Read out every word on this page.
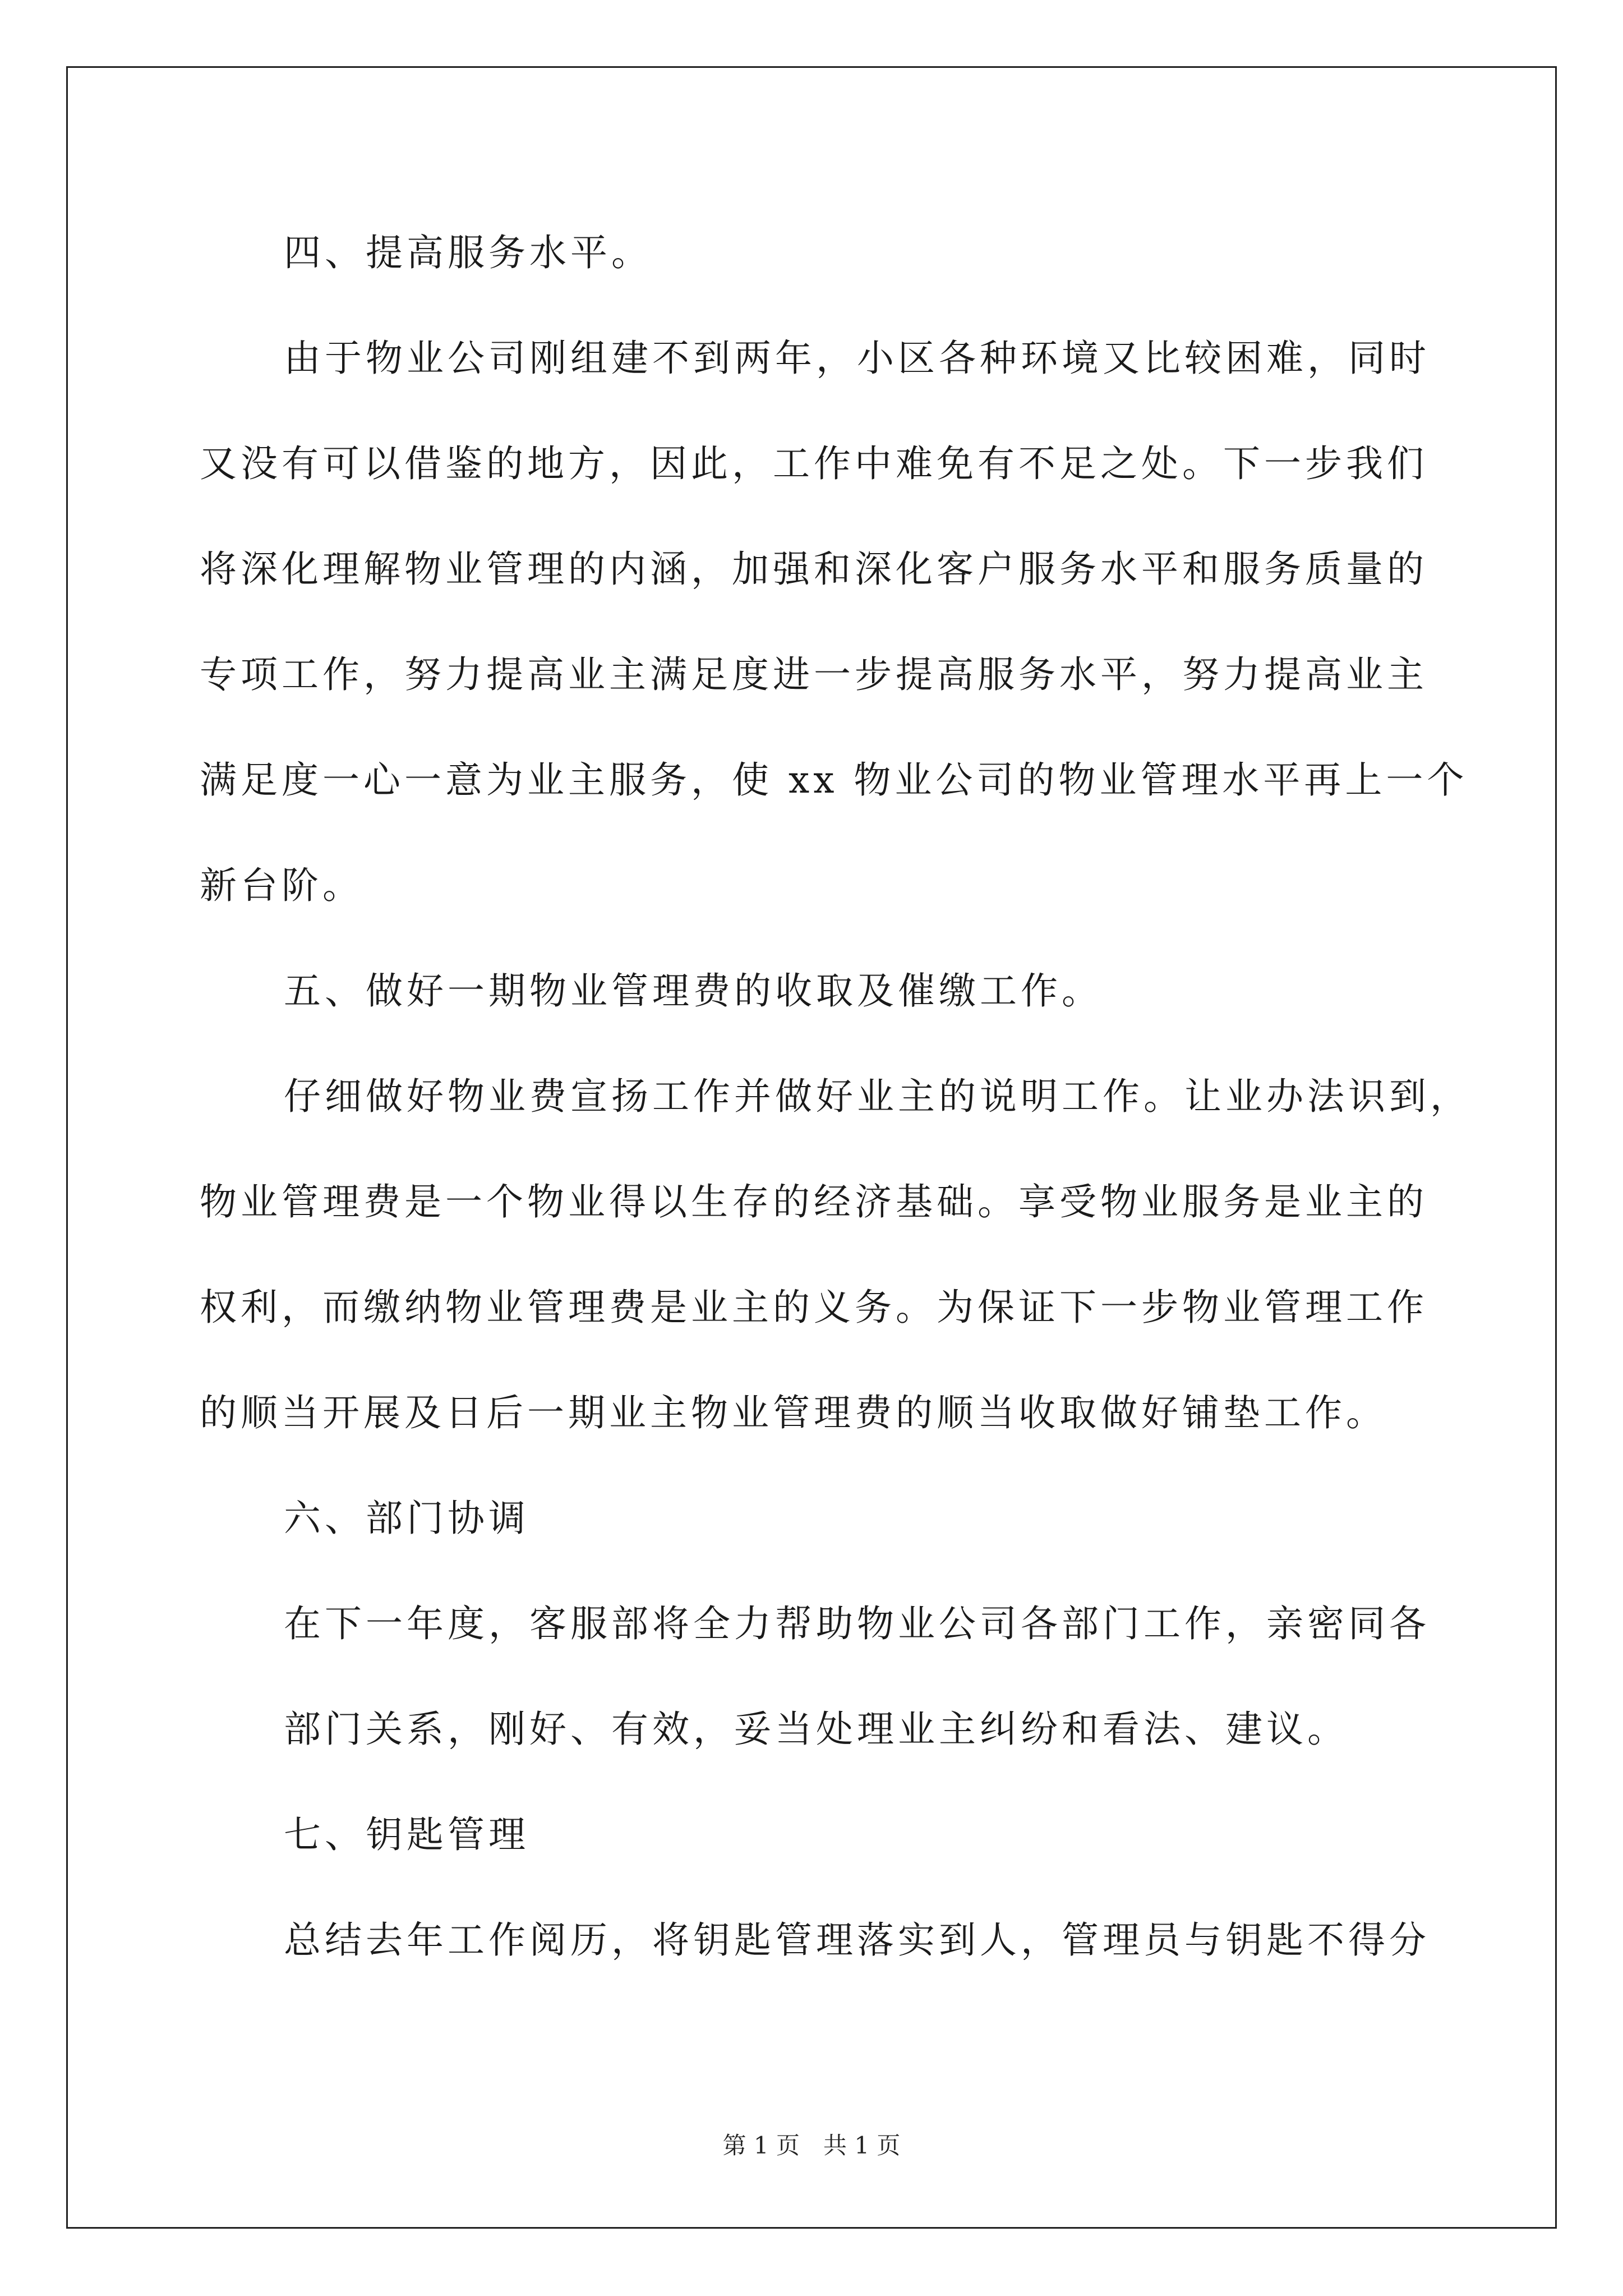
四、提高服务水平。
由于物业公司刚组建不到两年，小区各种环境又比较困难，同时
又没有可以借鉴的地方，因此，工作中难免有不足之处。下一步我们
将深化理解物业管理的内涵，加强和深化客户服务水平和服务质量的
专项工作，努力提高业主满足度进一步提高服务水平，努力提高业主
满足度一心一意为业主服务，使 xx 物业公司的物业管理水平再上一个
新台阶。
五、做好一期物业管理费的收取及催缴工作。
仔细做好物业费宣扬工作并做好业主的说明工作。让业办法识到，
物业管理费是一个物业得以生存的经济基础。享受物业服务是业主的
权利，而缴纳物业管理费是业主的义务。为保证下一步物业管理工作
的顺当开展及日后一期业主物业管理费的顺当收取做好铺垫工作。
六、部门协调
在下一年度，客服部将全力帮助物业公司各部门工作，亲密同各
部门关系，刚好、有效，妥当处理业主纠纷和看法、建议。
七、钥匙管理
总结去年工作阅历，将钥匙管理落实到人，管理员与钥匙不得分
第 1 页　共 1 页
